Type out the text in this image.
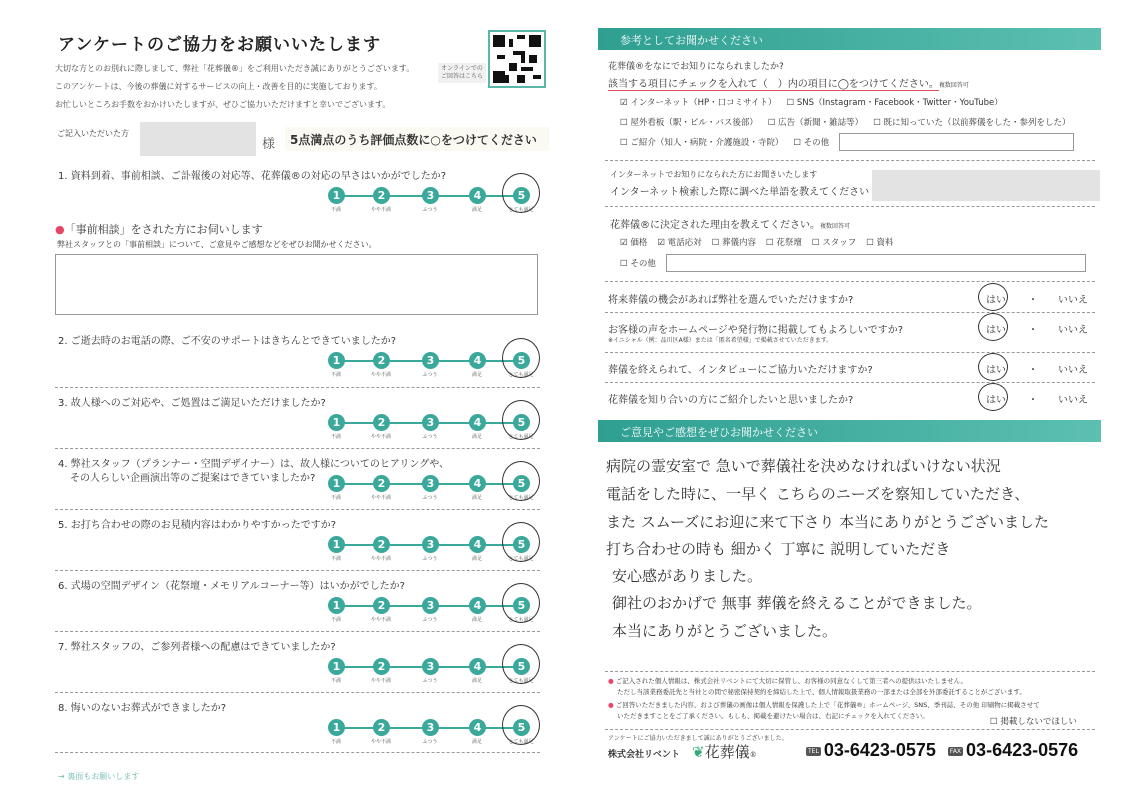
アンケートのご協力をお願いいたします
大切な方とのお別れに際しまして、弊社「花葬儀®」をご利用いただき誠にありがとうございます。
このアンケートは、今後の葬儀に対するサービスの向上・改善を目的に実施しております。
お忙しいところお手数をおかけいたしますが、ぜひご協力いただけますと幸いでございます。
オンラインでの
ご回答はこちら
ご記入いただいた方
様	5点満点のうち評価点数に○をつけてください
●「事前相談」をされた方にお伺いします
弊社スタッフとの「事前相談」について、ご意見やご感想などをぜひお聞かせください。
1. 資料到着、事前相談、ご訃報後の対応等、花葬儀®の対応の早さはいかがでしたか?
1
不満
2
やや不満
3
ふつう
4
満足
5
とても満足
2. ご逝去時のお電話の際、ご不安のサポートはきちんとできていましたか?
1
不満
2
やや不満
3
ふつう
4
満足
5
とても満足
3. 故人様へのご対応や、ご処置はご満足いただけましたか?
1
不満
2
やや不満
3
ふつう
4
満足
5
とても満足
4. 弊社スタッフ（プランナー・空間デザイナー）は、故人様についてのヒアリングや、
その人らしい企画演出等のご提案はできていましたか?	1
不満
2
やや不満
3
ふつう
4
満足
5
とても満足
5. お打ち合わせの際のお見積内容はわかりやすかったですか?
1
不満
2
やや不満
3
ふつう
4
満足
5
とても満足
6. 式場の空間デザイン（花祭壇・メモリアルコーナー等）はいかがでしたか?
1
不満
2
やや不満
3
ふつう
4
満足
5
とても満足
7. 弊社スタッフの、ご参列者様への配慮はできていましたか?
1
不満
2
やや不満
3
ふつう
4
満足
5
とても満足
8. 悔いのないお葬式ができましたか?
1
不満
2
やや不満
3
ふつう
4
満足
5
とても満足
→ 裏面もお願いします
参考としてお聞かせください
花葬儀®をなにでお知りになられましたか?
該当する項目にチェックを入れて（　）内の項目に◯をつけてください。複数回答可
☑ インターネット（HP・口コミサイト） ☐ SNS（Instagram・Facebook・Twitter・YouTube）
☐ 屋外看板（駅・ビル・バス後部） ☐ 広告（新聞・雑誌等） ☐ 既に知っていた（以前葬儀をした・参列をした）
☐ ご紹介（知人・病院・介護施設・寺院） ☐ その他
インターネットでお知りになられた方にお聞きいたします
インターネット検索した際に調べた単語を教えてください
花葬儀®に決定された理由を教えてください。複数回答可
☑ 価格 ☑ 電話応対 ☐ 葬儀内容 ☐ 花祭壇 ☐ スタッフ ☐ 資料
☐ その他
将来葬儀の機会があれば弊社を選んでいただけますか?	はい ・ いいえ
お客様の声をホームページや発行物に掲載してもよろしいですか?
※イニシャル（例：品川区A様）または「匿名希望様」で掲載させていただきます。
はい ・ いいえ
葬儀を終えられて、インタビューにご協力いただけますか?	はい ・ いいえ
花葬儀を知り合いの方にご紹介したいと思いましたか?	はい ・ いいえ
ご意見やご感想をぜひお聞かせください
病院の霊安室で 急いで葬儀社を決めなければいけない状況
電話をした時に、一早く こちらのニーズを察知していただき、
また スムーズにお迎に来て下さり 本当にありがとうございました
打ち合わせの時も 細かく 丁寧に 説明していただき
安心感がありました。
御社のおかげで 無事 葬儀を終えることができました。
本当にありがとうございました。
● ご記入された個人情報は、株式会社リベントにて大切に保管し、お客様の同意なくして第三者への提供はいたしません。
ただし当該業務委託先と当社との間で秘密保持契約を締結した上で、個人情報取扱業務の一部または全部を外部委託することがございます。
● ご回答いただきました内容、および葬儀の画像は個人情報を保護した上で「花葬儀®」ホームページ、SNS、季刊誌、その他 印刷物に掲載させて
いただきますことをご了承ください。もしも、掲載を避けたい場合は、右記にチェックを入れてください。
☐ 掲載しないでほしい
アンケートにご協力いただきまして誠にありがとうございました。
株式会社リベント ❦花葬儀®	TEL 03-6423-0575	FAX 03-6423-0576
